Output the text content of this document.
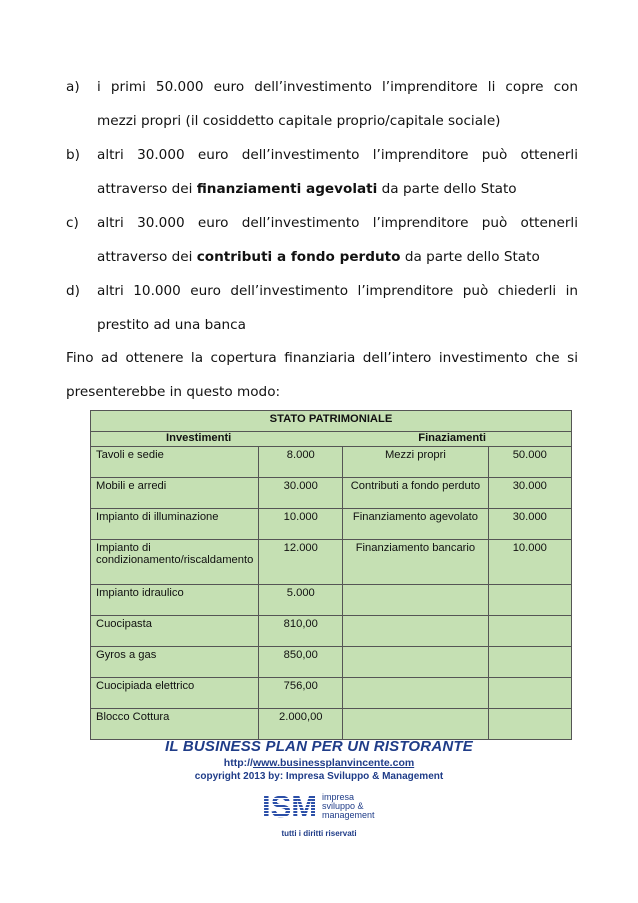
a) i primi 50.000 euro dell’investimento l’imprenditore li copre con
mezzi propri (il cosiddetto capitale proprio/capitale sociale)
b) altri 30.000 euro dell’investimento l’imprenditore può ottenerli
attraverso dei finanziamenti agevolati da parte dello Stato
c) altri 30.000 euro dell’investimento l’imprenditore può ottenerli
attraverso dei contributi a fondo perduto da parte dello Stato
d) altri 10.000 euro dell’investimento l’imprenditore può chiederli in
prestito ad una banca
Fino ad ottenere la copertura finanziaria dell’intero investimento che si
presenterebbe in questo modo:
STATO PATRIMONIALE			

Investimenti Finaziamenti			

Tavoli e sedie	8.000	Mezzi propri	50.000
Mobili e arredi	30.000	Contributi a fondo perduto	30.000
Impianto di illuminazione	10.000	Finanziamento agevolato	30.000
Impianto di condizionamento/riscaldamento	12.000	Finanziamento bancario	10.000
Impianto idraulico	5.000		
Cuocipasta	810,00		
Gyros a gas	850,00		
Cuocipiada elettrico	756,00		
Blocco Cottura	2.000,00		
IL BUSINESS PLAN PER UN RISTORANTE
http://www.businessplanvincente.com
copyright 2013 by: Impresa Sviluppo & Management
ISM impresa
sviluppo &
management
tutti i diritti riservati
